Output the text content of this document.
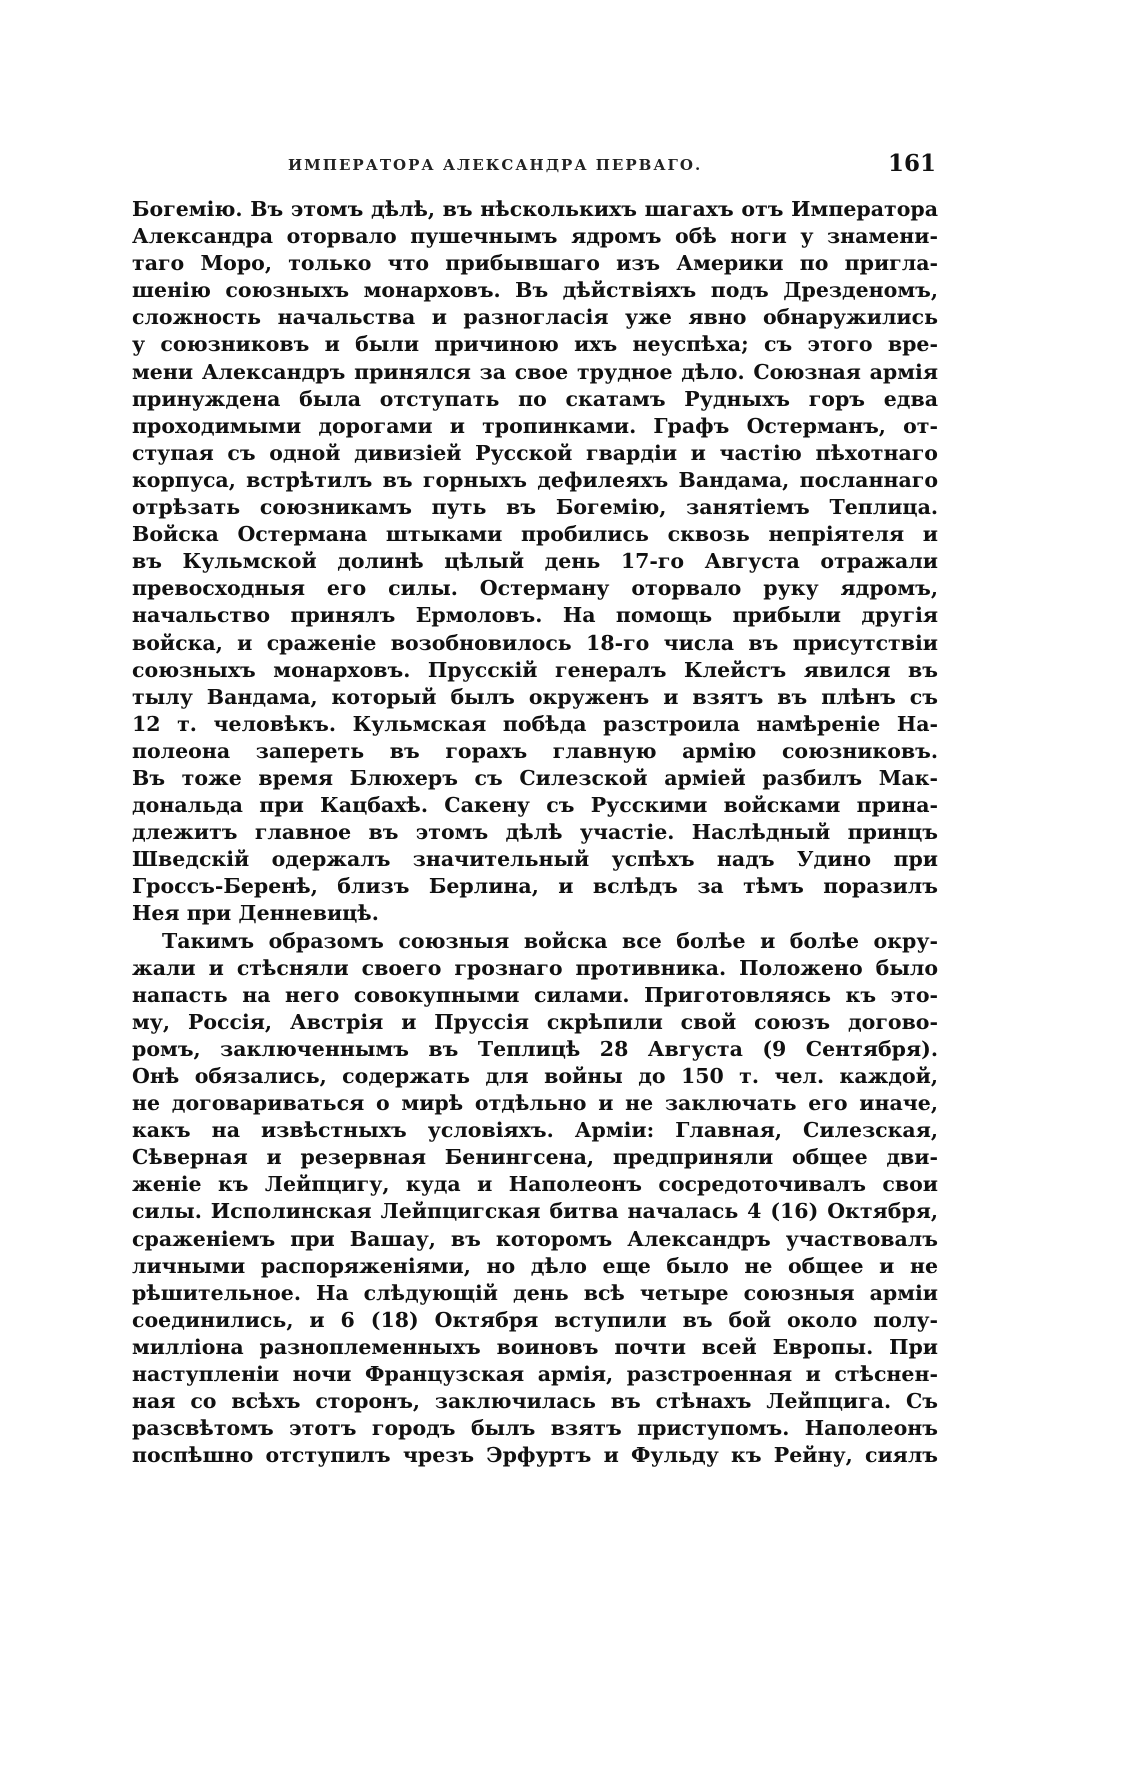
ИМПЕРАТОРА АЛЕКСАНДРА ПЕРВАГО.	161
Богемію. Въ этомъ дѣлѣ, въ нѣсколькихъ шагахъ отъ Императора
Александра оторвало пушечнымъ ядромъ обѣ ноги у знамени-
таго Моро, только что прибывшаго изъ Америки по пригла-
шенію союзныхъ монарховъ. Въ дѣйствіяхъ подъ Дрезденомъ,
сложность начальства и разногласія уже явно обнаружились
у союзниковъ и были причиною ихъ неуспѣха; съ этого вре-
мени Александръ принялся за свое трудное дѣло. Союзная армія
принуждена была отступать по скатамъ Рудныхъ горъ едва
проходимыми дорогами и тропинками. Графъ Остерманъ, от-
ступая съ одной дивизіей Русской гвардіи и частію пѣхотнаго
корпуса, встрѣтилъ въ горныхъ дефилеяхъ Вандама, посланнаго
отрѣзать союзникамъ путь въ Богемію, занятіемъ Теплица.
Войска Остермана штыками пробились сквозь непріятеля и
въ Кульмской долинѣ цѣлый день 17-го Августа отражали
превосходныя его силы. Остерману оторвало руку ядромъ,
начальство принялъ Ермоловъ. На помощь прибыли другія
войска, и сраженіе возобновилось 18-го числа въ присутствіи
союзныхъ монарховъ. Прусскій генералъ Клейстъ явился въ
тылу Вандама, который былъ окруженъ и взятъ въ плѣнъ съ
12 т. человѣкъ. Кульмская побѣда разстроила намѣреніе На-
полеона запереть въ горахъ главную армію союзниковъ.
Въ тоже время Блюхеръ съ Силезской арміей разбилъ Мак-
дональда при Кацбахѣ. Сакену съ Русскими войсками прина-
длежитъ главное въ этомъ дѣлѣ участіе. Наслѣдный принцъ
Шведскій одержалъ значительный успѣхъ надъ Удино при
Гроссъ-Беренѣ, близъ Берлина, и вслѣдъ за тѣмъ поразилъ
Нея при Денневицѣ.
Такимъ образомъ союзныя войска все болѣе и болѣе окру-
жали и стѣсняли своего грознаго противника. Положено было
напасть на него совокупными силами. Приготовляясь къ это-
му, Россія, Австрія и Пруссія скрѣпили свой союзъ догово-
ромъ, заключеннымъ въ Теплицѣ 28 Августа (9 Сентября).
Онѣ обязались, содержать для войны до 150 т. чел. каждой,
не договариваться о мирѣ отдѣльно и не заключать его иначе,
какъ на извѣстныхъ условіяхъ. Арміи: Главная, Силезская,
Сѣверная и резервная Бенингсена, предприняли общее дви-
женіе къ Лейпцигу, куда и Наполеонъ сосредоточивалъ свои
силы. Исполинская Лейпцигская битва началась 4 (16) Октября,
сраженіемъ при Вашау, въ которомъ Александръ участвовалъ
личными распоряженіями, но дѣло еще было не общее и не
рѣшительное. На слѣдующій день всѣ четыре союзныя арміи
соединились, и 6 (18) Октября вступили въ бой около полу-
милліона разноплеменныхъ воиновъ почти всей Европы. При
наступленіи ночи Французская армія, разстроенная и стѣснен-
ная со всѣхъ сторонъ, заключилась въ стѣнахъ Лейпцига. Съ
разсвѣтомъ этотъ городъ былъ взятъ приступомъ. Наполеонъ
поспѣшно отступилъ чрезъ Эрфуртъ и Фульду къ Рейну, сиялъ
